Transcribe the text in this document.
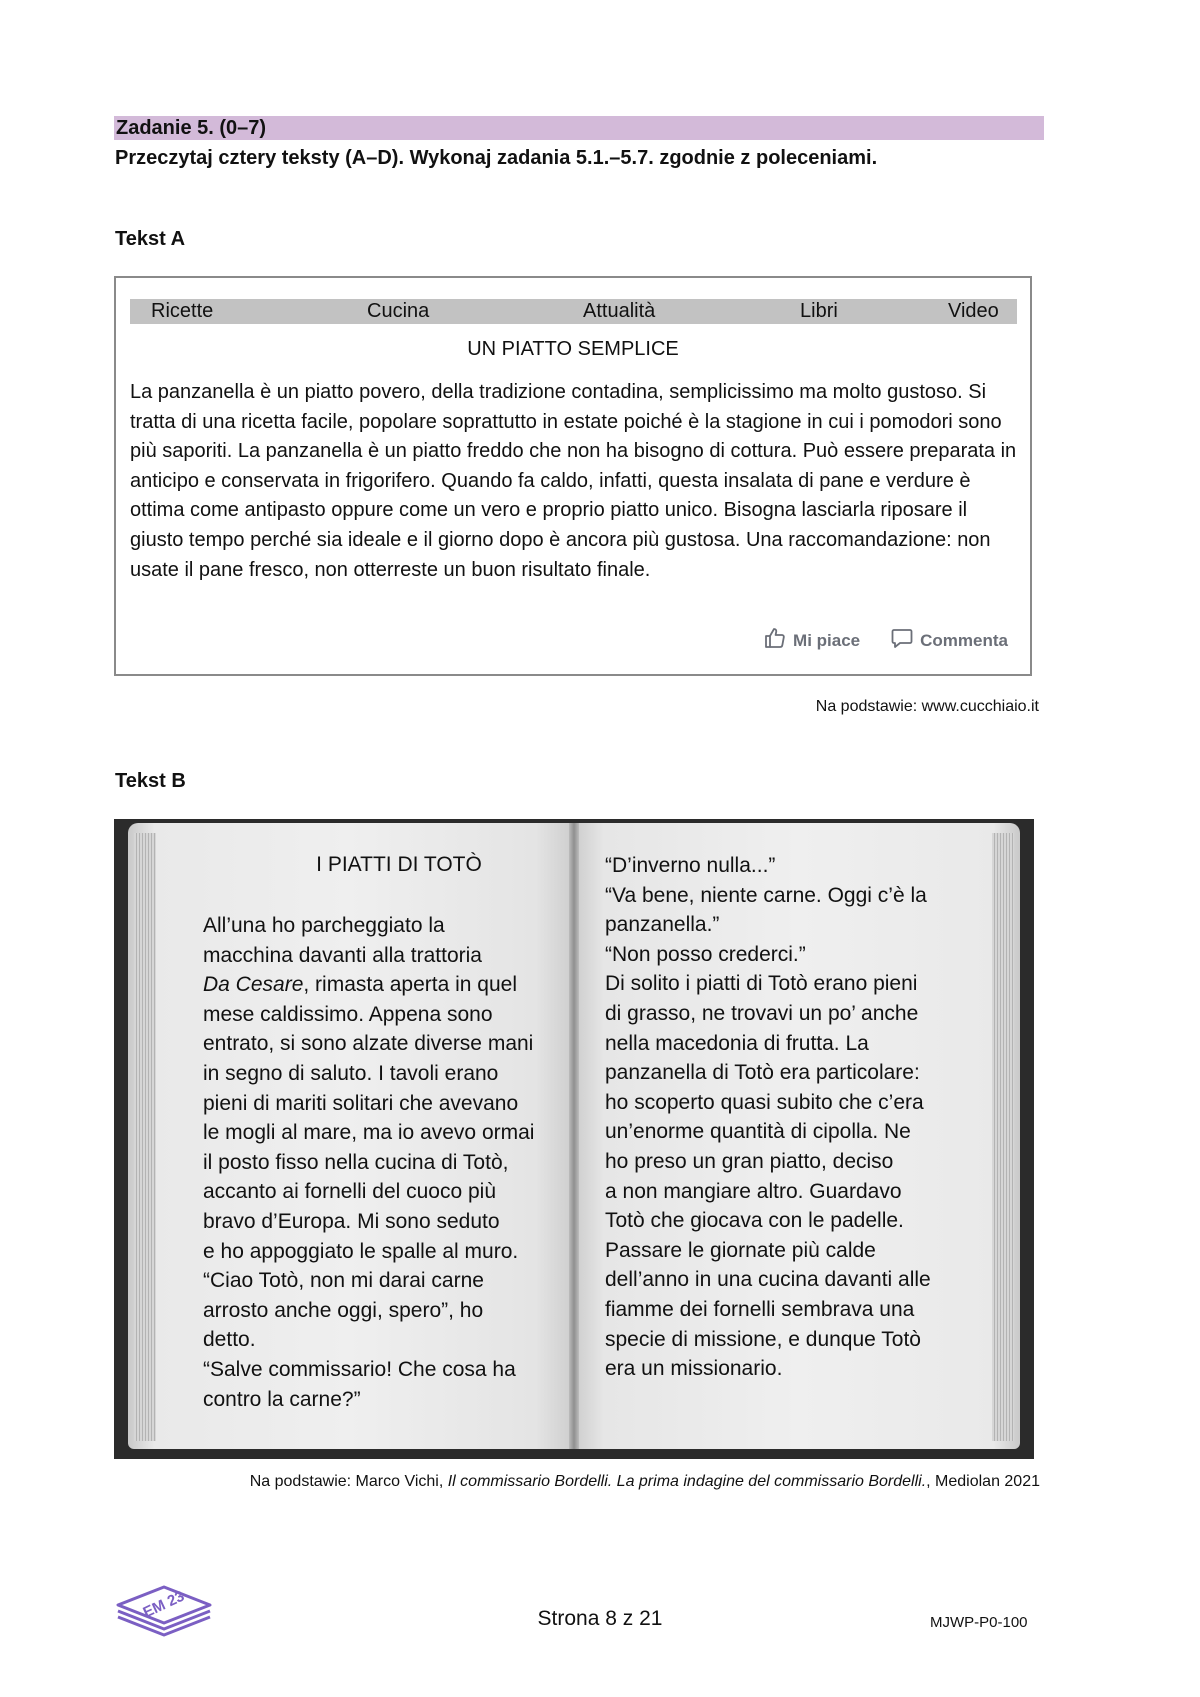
Zadanie 5. (0–7)
Przeczytaj cztery teksty (A–D). Wykonaj zadania 5.1.–5.7. zgodnie z poleceniami.
Tekst A
Ricette	Cucina	Attualità	Libri	Video
UN PIATTO SEMPLICE
La panzanella è un piatto povero, della tradizione contadina, semplicissimo ma molto gustoso. Si tratta di una ricetta facile, popolare soprattutto in estate poiché è la stagione in cui i pomodori sono più saporiti. La panzanella è un piatto freddo che non ha bisogno di cottura. Può essere preparata in anticipo e conservata in frigorifero. Quando fa caldo, infatti, questa insalata di pane e verdure è ottima come antipasto oppure come un vero e proprio piatto unico. Bisogna lasciarla riposare il giusto tempo perché sia ideale e il giorno dopo è ancora più gustosa. Una raccomandazione: non usate il pane fresco, non otterreste un buon risultato finale.
Mi piace	Commenta
Na podstawie: www.cucchiaio.it
Tekst B
I PIATTI DI TOTÒ
All’una ho parcheggiato la
macchina davanti alla trattoria
Da Cesare, rimasta aperta in quel
mese caldissimo. Appena sono
entrato, si sono alzate diverse mani
in segno di saluto. I tavoli erano
pieni di mariti solitari che avevano
le mogli al mare, ma io avevo ormai
il posto fisso nella cucina di Totò,
accanto ai fornelli del cuoco più
bravo d’Europa. Mi sono seduto
e ho appoggiato le spalle al muro.
“Ciao Totò, non mi darai carne
arrosto anche oggi, spero”, ho
detto.
“Salve commissario! Che cosa ha
contro la carne?”
“D’inverno nulla...”
“Va bene, niente carne. Oggi c’è la
panzanella.”
“Non posso crederci.”
Di solito i piatti di Totò erano pieni
di grasso, ne trovavi un po’ anche
nella macedonia di frutta. La
panzanella di Totò era particolare:
ho scoperto quasi subito che c’era
un’enorme quantità di cipolla. Ne
ho preso un gran piatto, deciso
a non mangiare altro. Guardavo
Totò che giocava con le padelle.
Passare le giornate più calde
dell’anno in una cucina davanti alle
fiamme dei fornelli sembrava una
specie di missione, e dunque Totò
era un missionario.
Na podstawie: Marco Vichi, Il commissario Bordelli. La prima indagine del commissario Bordelli., Mediolan 2021
EM 23	Strona 8 z 21	MJWP-P0-100
